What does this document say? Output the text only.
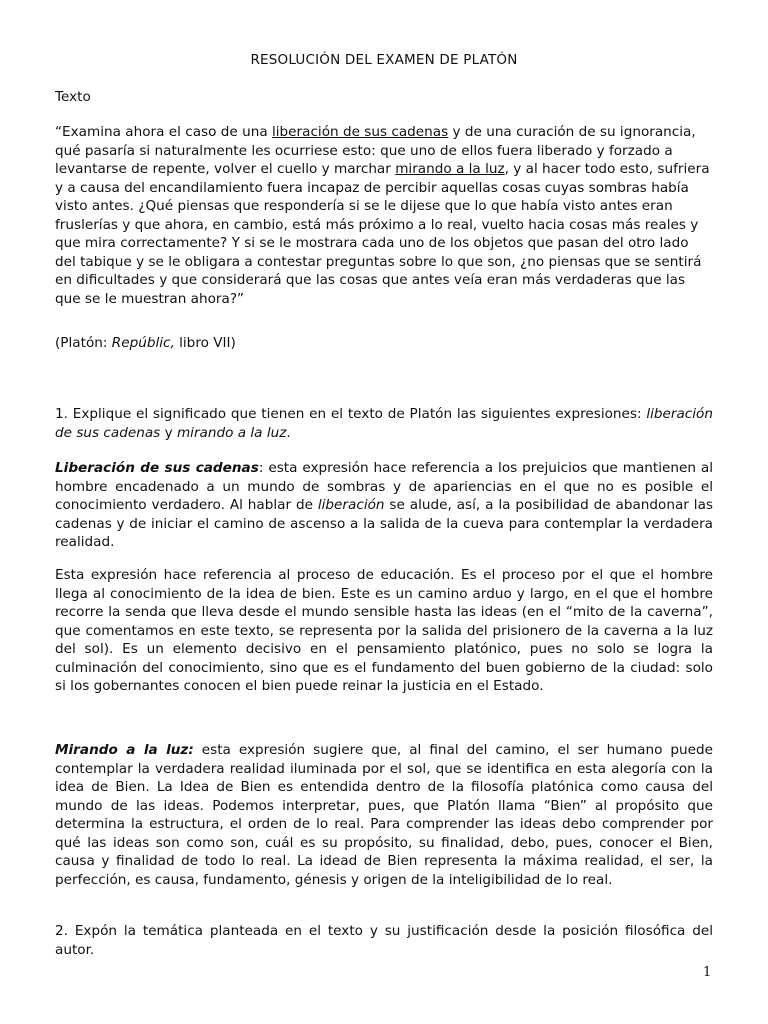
RESOLUCIÓN DEL EXAMEN DE PLATÓN

Texto

“Examina ahora el caso de una liberación de sus cadenas y de una curación de su ignorancia, qué pasaría si naturalmente les ocurriese esto: que uno de ellos fuera liberado y forzado a levantarse de repente, volver el cuello y marchar mirando a la luz, y al hacer todo esto, sufriera y a causa del encandilamiento fuera incapaz de percibir aquellas cosas cuyas sombras había visto antes. ¿Qué piensas que respondería si se le dijese que lo que había visto antes eran fruslerías y que ahora, en cambio, está más próximo a lo real, vuelto hacia cosas más reales y que mira correctamente? Y si se le mostrara cada uno de los objetos que pasan del otro lado del tabique y se le obligara a contestar preguntas sobre lo que son, ¿no piensas que se sentirá en dificultades y que considerará que las cosas que antes veía eran más verdaderas que las que se le muestran ahora?”

(Platón: Repúblic, libro VII)

1. Explique el significado que tienen en el texto de Platón las siguientes expresiones: liberación de sus cadenas y mirando a la luz.

Liberación de sus cadenas: esta expresión hace referencia a los prejuicios que mantienen al hombre encadenado a un mundo de sombras y de apariencias en el que no es posible el conocimiento verdadero. Al hablar de liberación se alude, así, a la posibilidad de abandonar las cadenas y de iniciar el camino de ascenso a la salida de la cueva para contemplar la verdadera realidad.

Esta expresión hace referencia al proceso de educación. Es el proceso por el que el hombre llega al conocimiento de la idea de bien. Este es un camino arduo y largo, en el que el hombre recorre la senda que lleva desde el mundo sensible hasta las ideas (en el “mito de la caverna”, que comentamos en este texto, se representa por la salida del prisionero de la caverna a la luz del sol). Es un elemento decisivo en el pensamiento platónico, pues no solo se logra la culminación del conocimiento, sino que es el fundamento del buen gobierno de la ciudad: solo si los gobernantes conocen el bien puede reinar la justicia en el Estado.

Mirando a la luz: esta expresión sugiere que, al final del camino, el ser humano puede contemplar la verdadera realidad iluminada por el sol, que se identifica en esta alegoría con la idea de Bien. La Idea de Bien es entendida dentro de la filosofía platónica como causa del mundo de las ideas. Podemos interpretar, pues, que Platón llama “Bien” al propósito que determina la estructura, el orden de lo real. Para comprender las ideas debo comprender por qué las ideas son como son, cuál es su propósito, su finalidad, debo, pues, conocer el Bien, causa y finalidad de todo lo real. La idead de Bien representa la máxima realidad, el ser, la perfección, es causa, fundamento, génesis y origen de la inteligibilidad de lo real.

2. Expón la temática planteada en el texto y su justificación desde la posición filosófica del autor.

1
